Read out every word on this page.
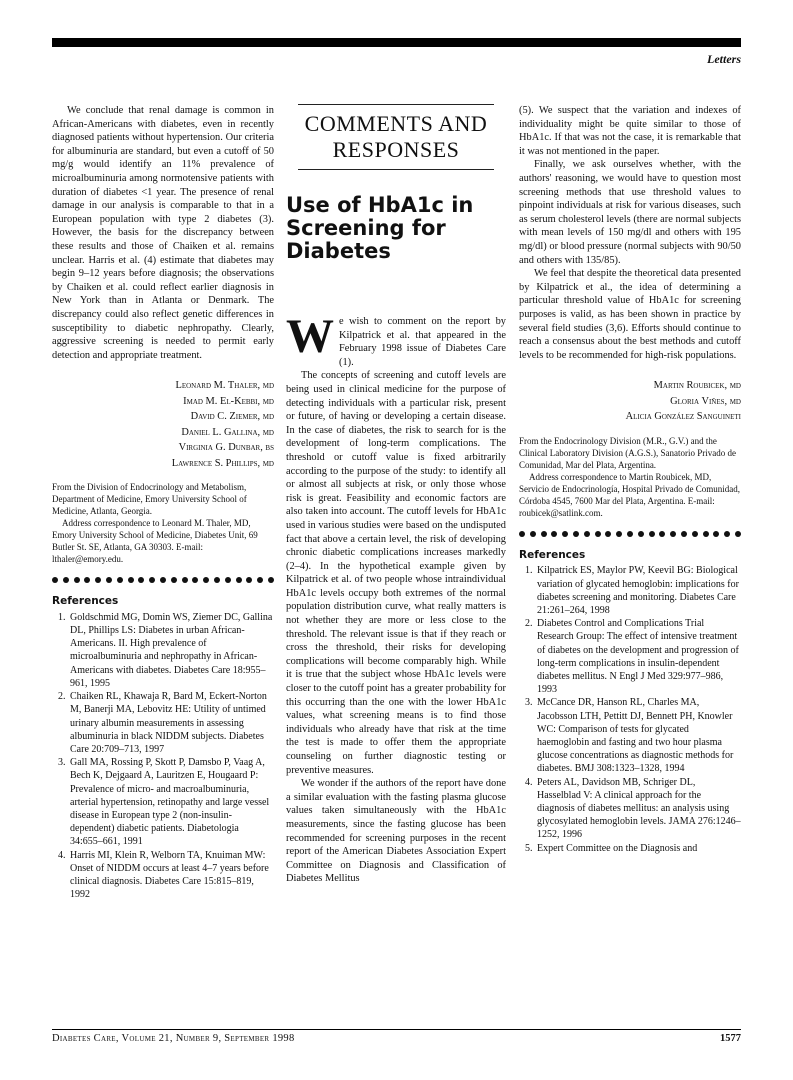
Letters

We conclude that renal damage is common in African-Americans with diabetes, even in recently diagnosed patients without hypertension. Our criteria for albuminuria are standard, but even a cutoff of 50 mg/g would identify an 11% prevalence of microalbuminuria among normotensive patients with duration of diabetes <1 year. The presence of renal damage in our analysis is comparable to that in a European population with type 2 diabetes (3). However, the basis for the discrepancy between these results and those of Chaiken et al. remains unclear. Harris et al. (4) estimate that diabetes may begin 9–12 years before diagnosis; the observations by Chaiken et al. could reflect earlier diagnosis in New York than in Atlanta or Denmark. The discrepancy could also reflect genetic differences in susceptibility to diabetic nephropathy. Clearly, aggressive screening is needed to permit early detection and appropriate treatment.

Leonard M. Thaler, md
Imad M. El-Kebbi, md
David C. Ziemer, md
Daniel L. Gallina, md
Virginia G. Dunbar, bs
Lawrence S. Phillips, md

From the Division of Endocrinology and Metabolism, Department of Medicine, Emory University School of Medicine, Atlanta, Georgia.

Address correspondence to Leonard M. Thaler, MD, Emory University School of Medicine, Diabetes Unit, 69 Butler St. SE, Atlanta, GA 30303. E-mail: lthaler@emory.edu.

References
1. Goldschmid MG, Domin WS, Ziemer DC, Gallina DL, Phillips LS: Diabetes in urban African-Americans. II. High prevalence of microalbuminuria and nephropathy in African-Americans with diabetes. Diabetes Care 18:955–961, 1995
2. Chaiken RL, Khawaja R, Bard M, Eckert-Norton M, Banerji MA, Lebovitz HE: Utility of untimed urinary albumin measurements in assessing albuminuria in black NIDDM subjects. Diabetes Care 20:709–713, 1997
3. Gall MA, Rossing P, Skott P, Damsbo P, Vaag A, Bech K, Dejgaard A, Lauritzen E, Hougaard P: Prevalence of micro- and macroalbuminuria, arterial hypertension, retinopathy and large vessel disease in European type 2 (non-insulin-dependent) diabetic patients. Diabetologia 34:655–661, 1991
4. Harris MI, Klein R, Welborn TA, Knuiman MW: Onset of NIDDM occurs at least 4–7 years before clinical diagnosis. Diabetes Care 15:815–819, 1992
COMMENTS AND RESPONSES
Use of HbA1c in Screening for Diabetes

We wish to comment on the report by Kilpatrick et al. that appeared in the February 1998 issue of Diabetes Care (1).

The concepts of screening and cutoff levels are being used in clinical medicine for the purpose of detecting individuals with a particular risk, present or future, of having or developing a certain disease. In the case of diabetes, the risk to search for is the development of long-term complications. The threshold or cutoff value is fixed arbitrarily according to the purpose of the study: to identify all or almost all subjects at risk, or only those whose risk is great. Feasibility and economic factors are also taken into account. The cutoff levels for HbA1c used in various studies were based on the undisputed fact that above a certain level, the risk of developing chronic diabetic complications increases markedly (2–4). In the hypothetical example given by Kilpatrick et al. of two people whose intraindividual HbA1c levels occupy both extremes of the normal population distribution curve, what really matters is not whether they are more or less close to the threshold. The relevant issue is that if they reach or cross the threshold, their risks for developing complications will become comparably high. While it is true that the subject whose HbA1c levels were closer to the cutoff point has a greater probability for this occurring than the one with the lower HbA1c values, what screening means is to find those individuals who already have that risk at the time the test is made to offer them the appropriate counseling on further diagnostic testing or preventive measures.

We wonder if the authors of the report have done a similar evaluation with the fasting plasma glucose values taken simultaneously with the HbA1c measurements, since the fasting glucose has been recommended for screening purposes in the recent report of the American Diabetes Association Expert Committee on Diagnosis and Classification of Diabetes Mellitus

(5). We suspect that the variation and indexes of individuality might be quite similar to those of HbA1c. If that was not the case, it is remarkable that it was not mentioned in the paper.

Finally, we ask ourselves whether, with the authors' reasoning, we would have to question most screening methods that use threshold values to pinpoint individuals at risk for various diseases, such as serum cholesterol levels (there are normal subjects with mean levels of 150 mg/dl and others with 195 mg/dl) or blood pressure (normal subjects with 90/50 and others with 135/85).

We feel that despite the theoretical data presented by Kilpatrick et al., the idea of determining a particular threshold value of HbA1c for screening purposes is valid, as has been shown in practice by several field studies (3,6). Efforts should continue to reach a consensus about the best methods and cutoff levels to be recommended for high-risk populations.

Martin Roubicek, md
Gloria Viñes, md
Alicia González Sanguineti

From the Endocrinology Division (M.R., G.V.) and the Clinical Laboratory Division (A.G.S.), Sanatorio Privado de Comunidad, Mar del Plata, Argentina.

Address correspondence to Martin Roubicek, MD, Servicio de Endocrinología, Hospital Privado de Comunidad, Córdoba 4545, 7600 Mar del Plata, Argentina. E-mail: roubicek@satlink.com.

References
1. Kilpatrick ES, Maylor PW, Keevil BG: Biological variation of glycated hemoglobin: implications for diabetes screening and monitoring. Diabetes Care 21:261–264, 1998
2. Diabetes Control and Complications Trial Research Group: The effect of intensive treatment of diabetes on the development and progression of long-term complications in insulin-dependent diabetes mellitus. N Engl J Med 329:977–986, 1993
3. McCance DR, Hanson RL, Charles MA, Jacobsson LTH, Pettitt DJ, Bennett PH, Knowler WC: Comparison of tests for glycated haemoglobin and fasting and two hour plasma glucose concentrations as diagnostic methods for diabetes. BMJ 308:1323–1328, 1994
4. Peters AL, Davidson MB, Schriger DL, Hasselblad V: A clinical approach for the diagnosis of diabetes mellitus: an analysis using glycosylated hemoglobin levels. JAMA 276:1246–1252, 1996
5. Expert Committee on the Diagnosis and
Diabetes Care, Volume 21, Number 9, September 1998	1577
